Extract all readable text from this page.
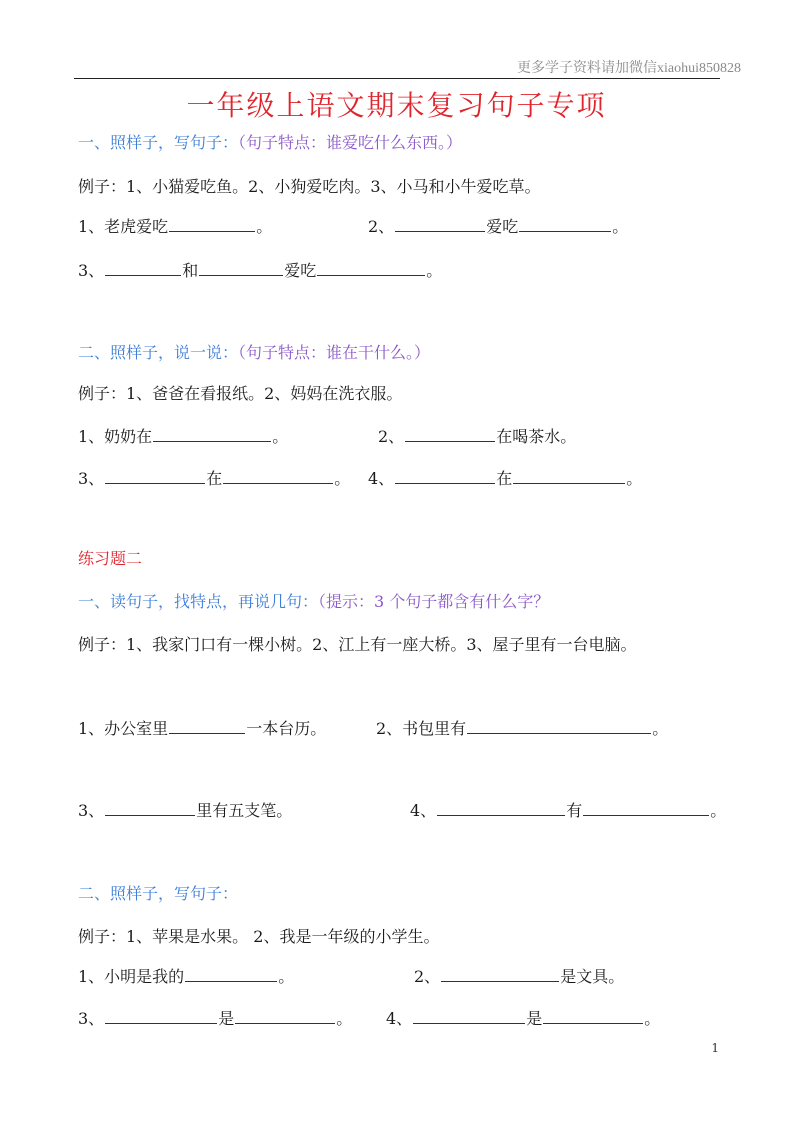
更多学子资料请加微信xiaohui850828
一年级上语文期末复习句子专项
一、照样子，写句子：（句子特点：谁爱吃什么东西。）
例子：1、小猫爱吃鱼。2、小狗爱吃肉。3、小马和小牛爱吃草。
1、老虎爱吃	。	2、	爱吃	。
3、	和	爱吃	。
二、照样子，说一说：（句子特点：谁在干什么。）
例子：1、爸爸在看报纸。2、妈妈在洗衣服。
1、奶奶在	。	2、	在喝茶水。
3、	在	。 4、	在	。
练习题二
一、读句子，找特点，再说几句：（提示：3 个句子都含有什么字？
例子：1、我家门口有一棵小树。2、江上有一座大桥。3、屋子里有一台电脑。
1、办公室里	一本台历。	2、书包里有	。
3、	里有五支笔。	4、	有	。
二、照样子，写句子：
例子：1、苹果是水果。 2、我是一年级的小学生。
1、小明是我的	。	2、	是文具。
3、	是	。 4、	是	。
1
